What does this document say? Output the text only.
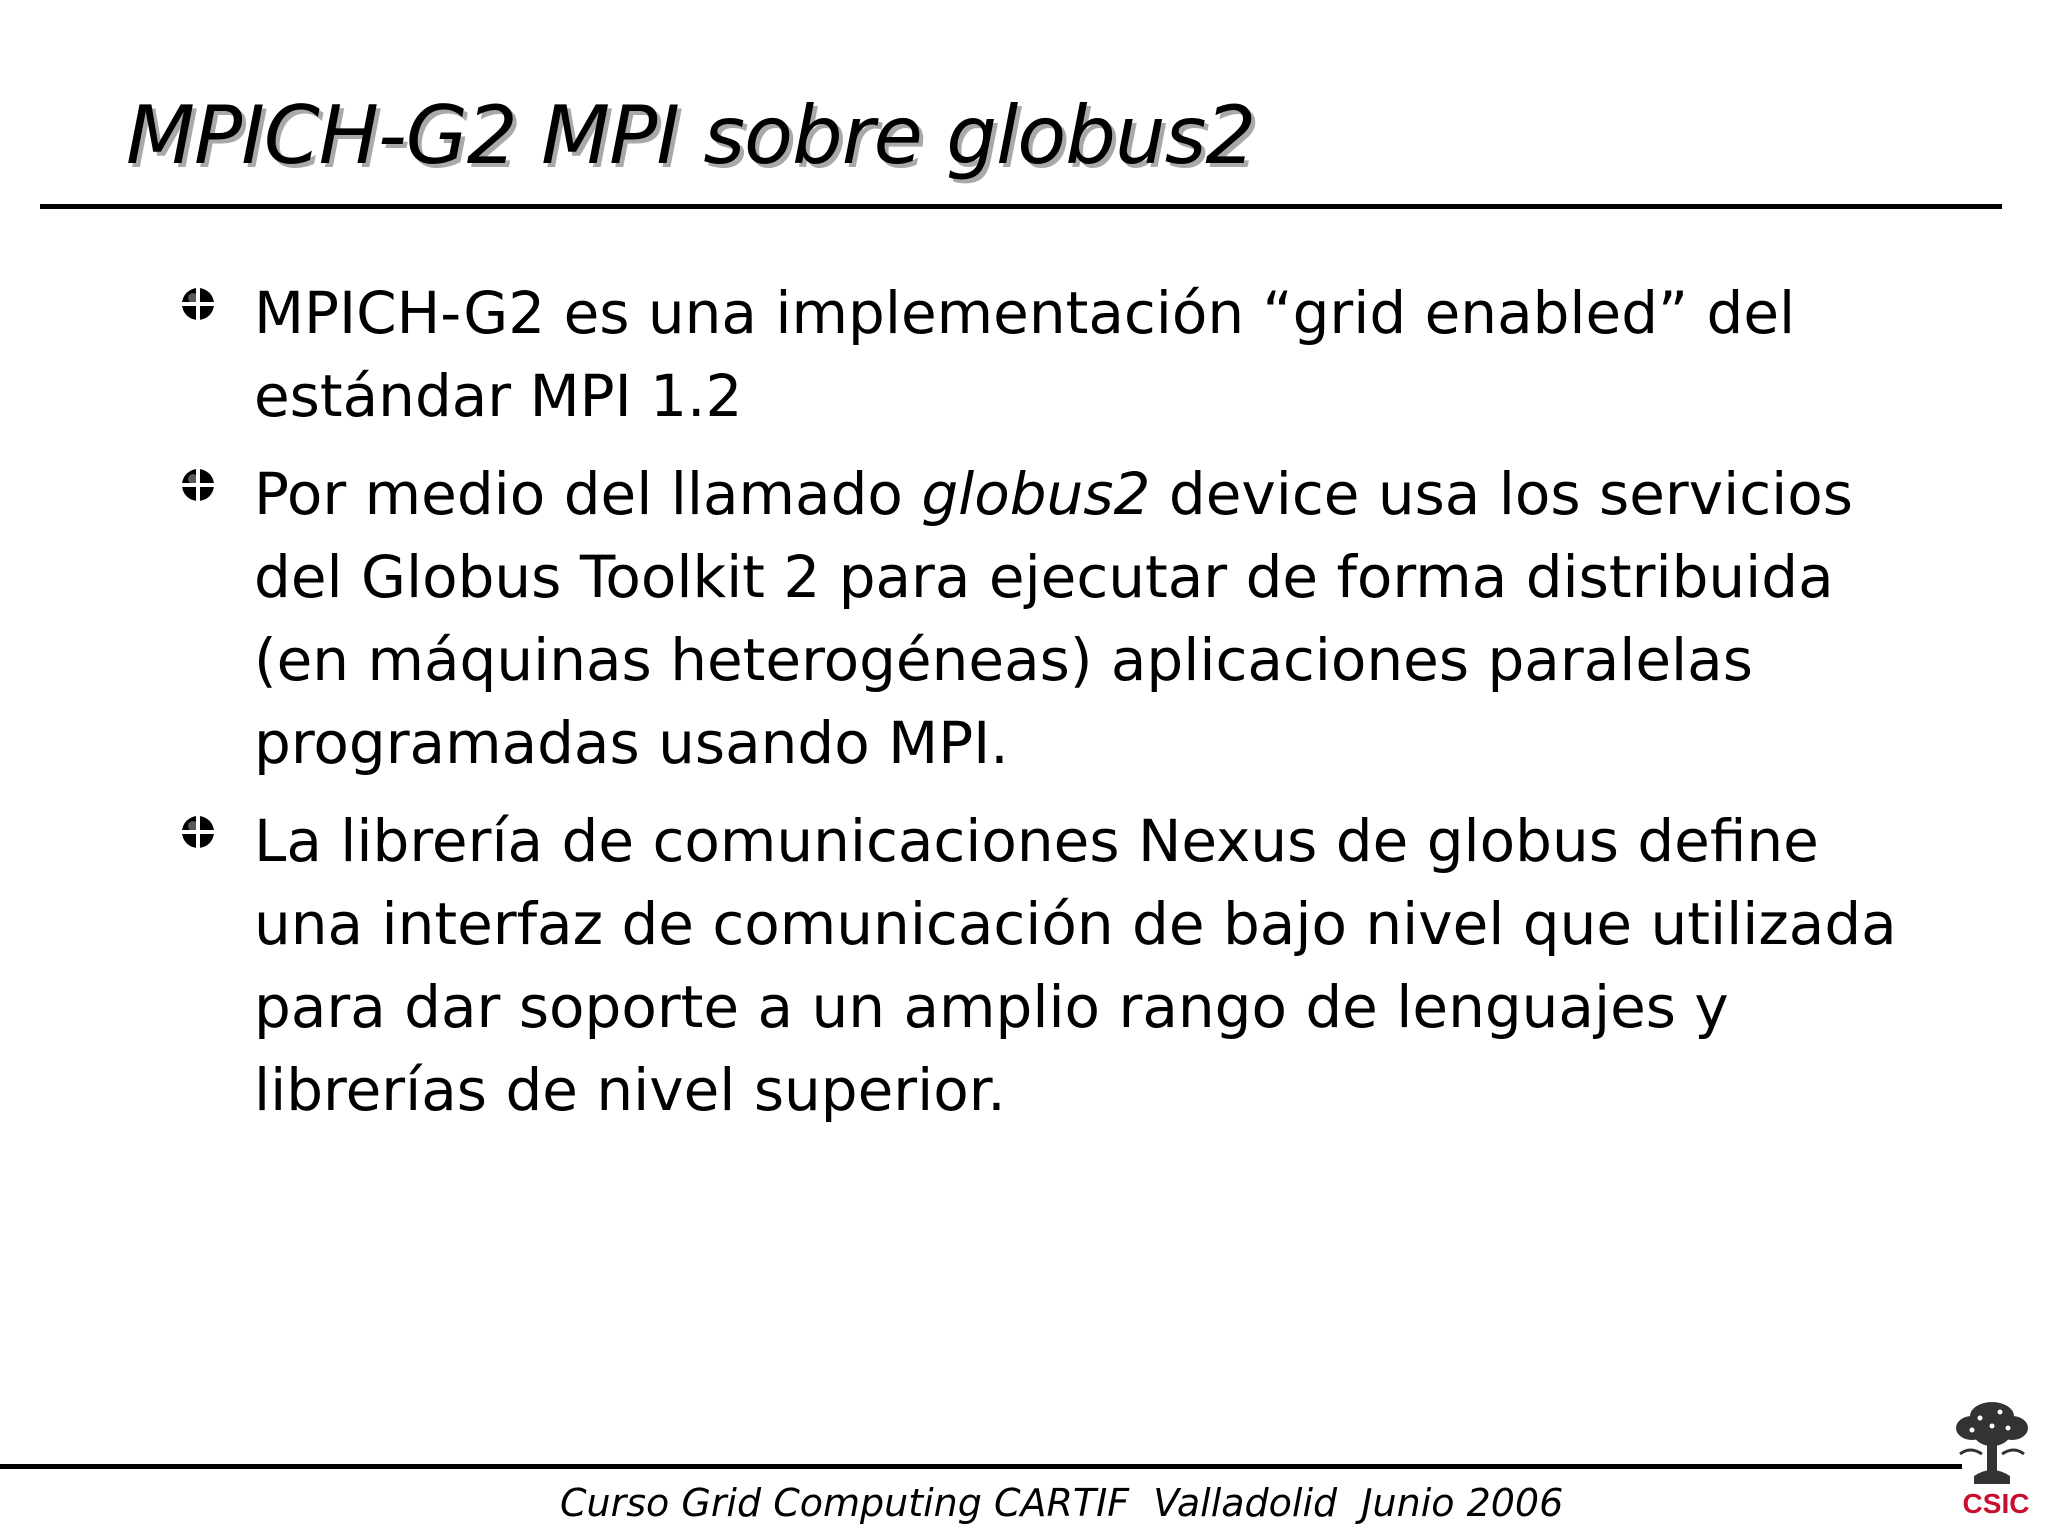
MPICH-G2 MPI sobre globus2
MPICH-G2 es una implementación “grid enabled” del estándar MPI 1.2
Por medio del llamado globus2 device usa los servicios del Globus Toolkit 2 para ejecutar de forma distribuida (en máquinas heterogéneas) aplicaciones paralelas programadas usando MPI.
La librería de comunicaciones Nexus de globus define una interfaz de comunicación de bajo nivel que utilizada para dar soporte a un amplio rango de lenguajes y librerías de nivel superior.
Curso Grid Computing CARTIF  Valladolid  Junio 2006	CSIC
